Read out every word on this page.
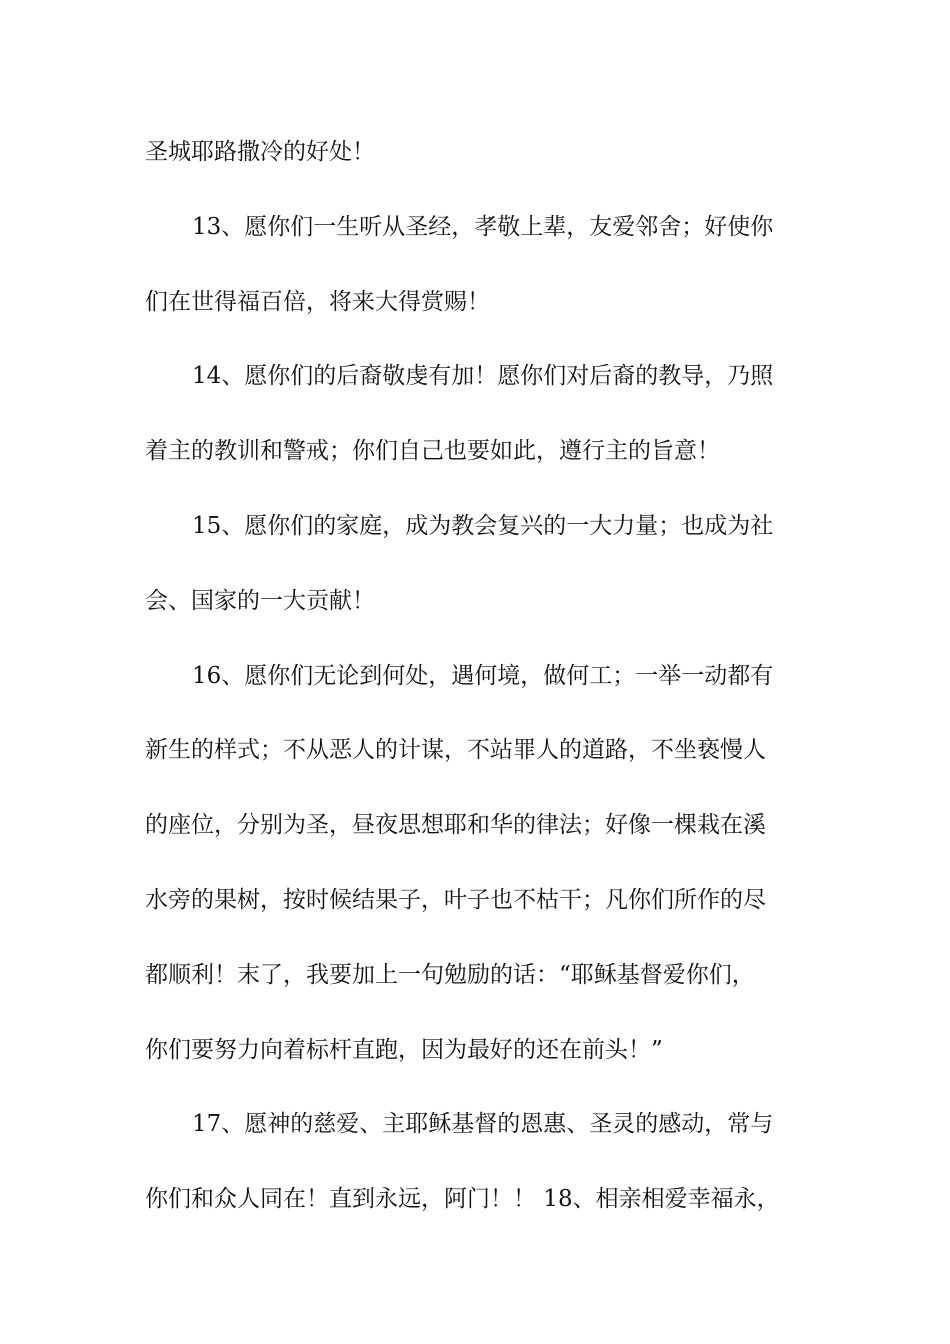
圣城耶路撒冷的好处！
13、愿你们一生听从圣经，孝敬上辈，友爱邻舍；好使你
们在世得福百倍，将来大得赏赐！
14、愿你们的后裔敬虔有加！愿你们对后裔的教导，乃照
着主的教训和警戒；你们自己也要如此，遵行主的旨意！
15、愿你们的家庭，成为教会复兴的一大力量；也成为社
会、国家的一大贡献！
16、愿你们无论到何处，遇何境，做何工；一举一动都有
新生的样式；不从恶人的计谋，不站罪人的道路，不坐亵慢人
的座位，分别为圣，昼夜思想耶和华的律法；好像一棵栽在溪
水旁的果树，按时候结果子，叶子也不枯干；凡你们所作的尽
都顺利！末了，我要加上一句勉励的话：“耶稣基督爱你们，
你们要努力向着标杆直跑，因为最好的还在前头！”
17、愿神的慈爱、主耶稣基督的恩惠、圣灵的感动，常与
你们和众人同在！直到永远，阿门！！ 18、相亲相爱幸福永，
